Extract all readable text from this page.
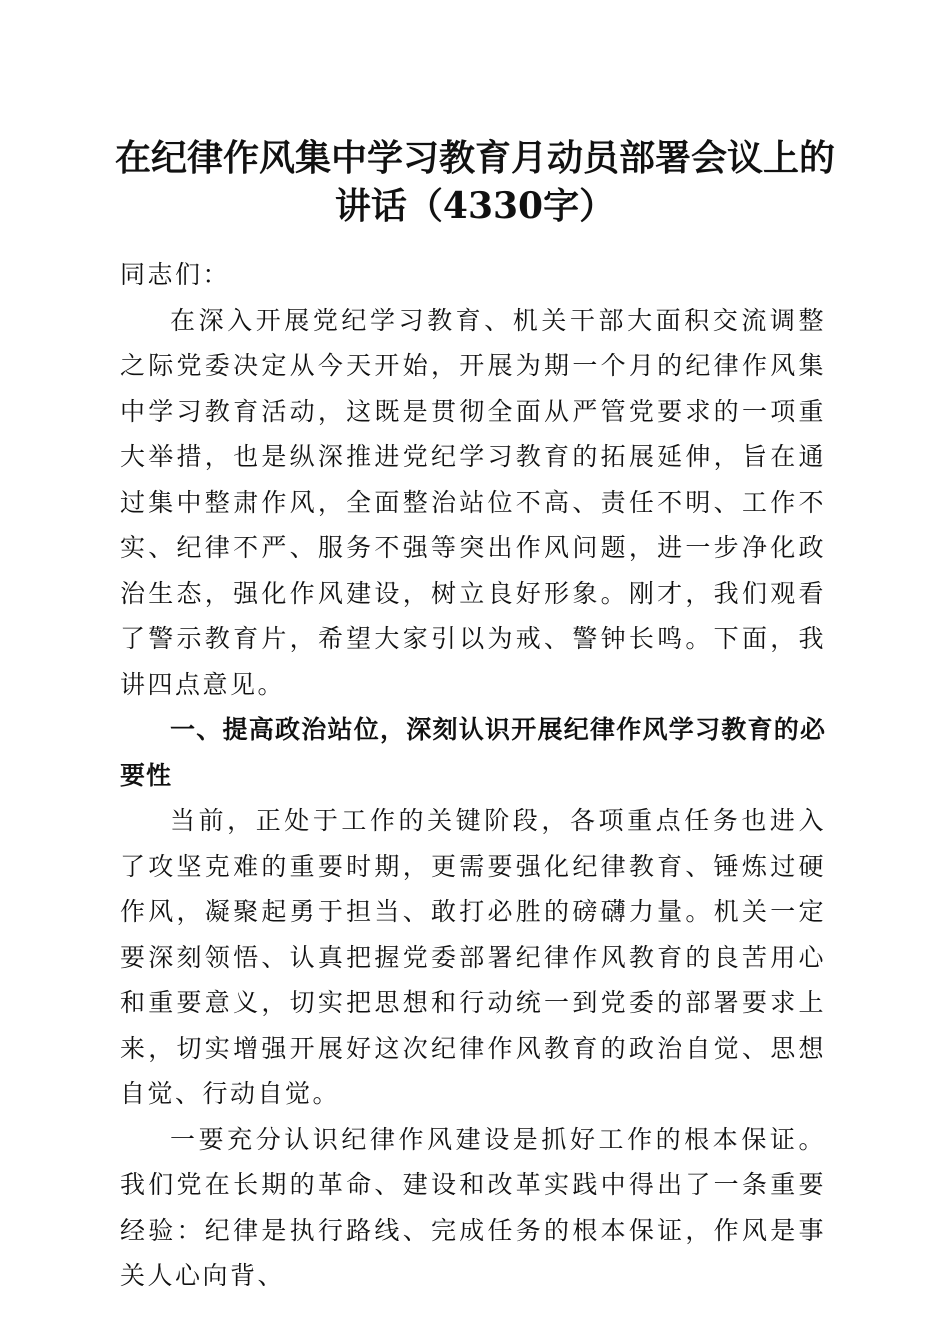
在纪律作风集中学习教育月动员部署会议上的讲话（4330字）

同志们：

在深入开展党纪学习教育、机关干部大面积交流调整之际党委决定从今天开始，开展为期一个月的纪律作风集中学习教育活动，这既是贯彻全面从严管党要求的一项重大举措，也是纵深推进党纪学习教育的拓展延伸，旨在通过集中整肃作风，全面整治站位不高、责任不明、工作不实、纪律不严、服务不强等突出作风问题，进一步净化政治生态，强化作风建设，树立良好形象。刚才，我们观看了警示教育片，希望大家引以为戒、警钟长鸣。下面，我讲四点意见。

一、提高政治站位，深刻认识开展纪律作风学习教育的必要性

当前，正处于工作的关键阶段，各项重点任务也进入了攻坚克难的重要时期，更需要强化纪律教育、锤炼过硬作风，凝聚起勇于担当、敢打必胜的磅礴力量。机关一定要深刻领悟、认真把握党委部署纪律作风教育的良苦用心和重要意义，切实把思想和行动统一到党委的部署要求上来，切实增强开展好这次纪律作风教育的政治自觉、思想自觉、行动自觉。

一要充分认识纪律作风建设是抓好工作的根本保证。我们党在长期的革命、建设和改革实践中得出了一条重要经验：纪律是执行路线、完成任务的根本保证，作风是事关人心向背、
